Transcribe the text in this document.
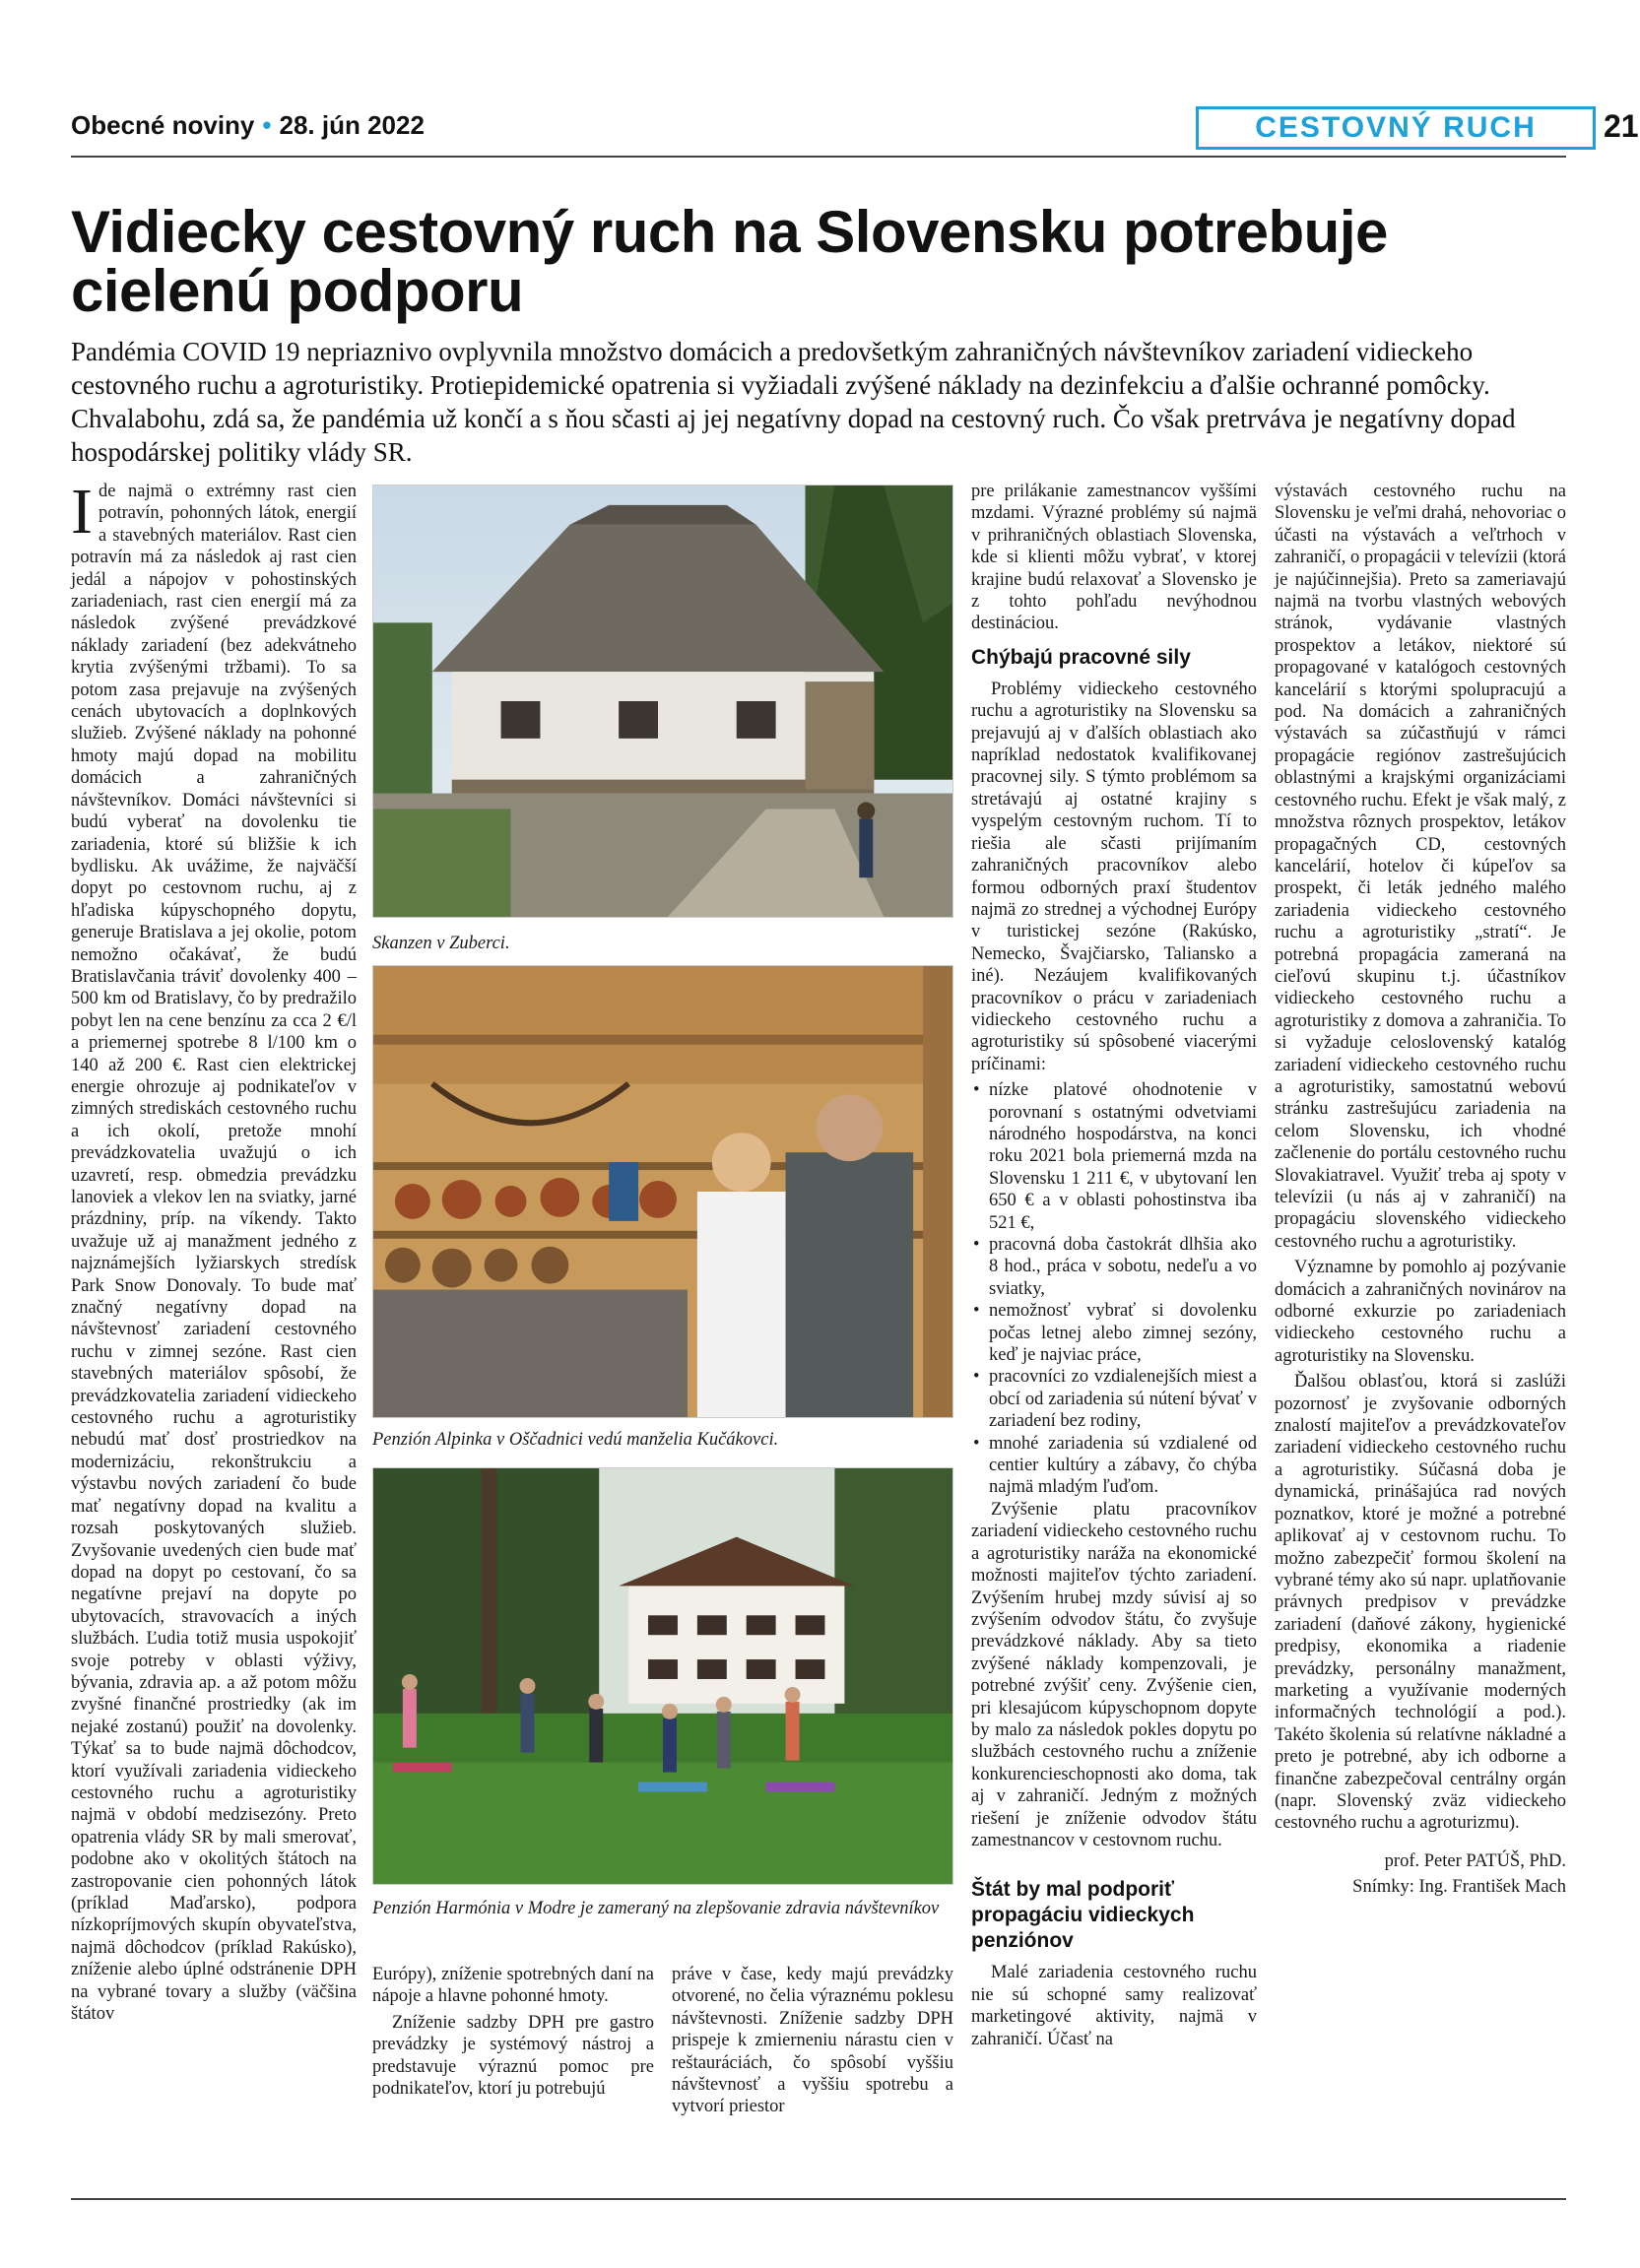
Obecné noviny • 28. jún 2022	CESTOVNÝ RUCH	21
Vidiecky cestovný ruch na Slovensku potrebuje cielenú podporu

Pandémia COVID 19 nepriaznivo ovplyvnila množstvo domácich a predovšetkým zahraničných návštevníkov zariadení vidieckeho cestovného ruchu a agroturistiky. Protiepidemické opatrenia si vyžiadali zvýšené náklady na dezinfekciu a ďalšie ochranné pomôcky. Chvalabohu, zdá sa, že pandémia už končí a s ňou sčasti aj jej negatívny dopad na cestovný ruch. Čo však pretrváva je negatívny dopad hospodárskej politiky vlády SR.

Ide najmä o extrémny rast cien potravín, pohonných látok, energií a stavebných materiálov. Rast cien potravín má za následok aj rast cien jedál a nápojov v pohostinských zariadeniach, rast cien energií má za následok zvýšené prevádzkové náklady zariadení (bez adekvátneho krytia zvýšenými tržbami). To sa potom zasa prejavuje na zvýšených cenách ubytovacích a doplnkových služieb. Zvýšené náklady na pohonné hmoty majú dopad na mobilitu domácich a zahraničných návštevníkov. Domáci návštevníci si budú vyberať na dovolenku tie zariadenia, ktoré sú bližšie k ich bydlisku. Ak uvážime, že najväčší dopyt po cestovnom ruchu, aj z hľadiska kúpyschopného dopytu, generuje Bratislava a jej okolie, potom nemožno očakávať, že budú Bratislavčania tráviť dovolenky 400 – 500 km od Bratislavy, čo by predražilo pobyt len na cene benzínu za cca 2 €/l a priemernej spotrebe 8 l/100 km o 140 až 200 €. Rast cien elektrickej energie ohrozuje aj podnikateľov v zimných strediskách cestovného ruchu a ich okolí, pretože mnohí prevádzkovatelia uvažujú o ich uzavretí, resp. obmedzia prevádzku lanoviek a vlekov len na sviatky, jarné prázdniny, príp. na víkendy. Takto uvažuje už aj manažment jedného z najznámejších lyžiarskych stredísk Park Snow Donovaly. To bude mať značný negatívny dopad na návštevnosť zariadení cestovného ruchu v zimnej sezóne. Rast cien stavebných materiálov spôsobí, že prevádzkovatelia zariadení vidieckeho cestovného ruchu a agroturistiky nebudú mať dosť prostriedkov na modernizáciu, rekonštrukciu a výstavbu nových zariadení čo bude mať negatívny dopad na kvalitu a rozsah poskytovaných služieb. Zvyšovanie uvedených cien bude mať dopad na dopyt po cestovaní, čo sa negatívne prejaví na dopyte po ubytovacích, stravovacích a iných službách. Ľudia totiž musia uspokojiť svoje potreby v oblasti výživy, bývania, zdravia ap. a až potom môžu zvyšné finančné prostriedky (ak im nejaké zostanú) použiť na dovolenky. Týkať sa to bude najmä dôchodcov, ktorí využívali zariadenia vidieckeho cestovného ruchu a agroturistiky najmä v období medzisezóny. Preto opatrenia vlády SR by mali smerovať, podobne ako v okolitých štátoch na zastropovanie cien pohonných látok (príklad Maďarsko), podpora nízkopríjmových skupín obyvateľstva, najmä dôchodcov (príklad Rakúsko), zníženie alebo úplné odstránenie DPH na vybrané tovary a služby (väčšina štátov

Skanzen v Zuberci.
Penzión Alpinka v Oščadnici vedú manželia Kučákovci.
Penzión Harmónia v Modre je zameraný na zlepšovanie zdravia návštevníkov

Európy), zníženie spotrebných daní na nápoje a hlavne pohonné hmoty.

Zníženie sadzby DPH pre gastro prevádzky je systémový nástroj a predstavuje výraznú pomoc pre podnikateľov, ktorí ju potrebujú

práve v čase, kedy majú prevádzky otvorené, no čelia výraznému poklesu návštevnosti. Zníženie sadzby DPH prispeje k zmierneniu nárastu cien v reštauráciách, čo spôsobí vyššiu návštevnosť a vyššiu spotrebu a vytvorí priestor

pre prilákanie zamestnancov vyššími mzdami. Výrazné problémy sú najmä v prihraničných oblastiach Slovenska, kde si klienti môžu vybrať, v ktorej krajine budú relaxovať a Slovensko je z tohto pohľadu nevýhodnou destináciou.

Chýbajú pracovné sily

Problémy vidieckeho cestovného ruchu a agroturistiky na Slovensku sa prejavujú aj v ďalších oblastiach ako napríklad nedostatok kvalifikovanej pracovnej sily. S týmto problémom sa stretávajú aj ostatné krajiny s vyspelým cestovným ruchom. Tí to riešia ale sčasti prijímaním zahraničných pracovníkov alebo formou odborných praxí študentov najmä zo strednej a východnej Európy v turistickej sezóne (Rakúsko, Nemecko, Švajčiarsko, Taliansko a iné). Nezáujem kvalifikovaných pracovníkov o prácu v zariadeniach vidieckeho cestovného ruchu a agroturistiky sú spôsobené viacerými príčinami:

• nízke platové ohodnotenie v porovnaní s ostatnými odvetviami národného hospodárstva, na konci roku 2021 bola priemerná mzda na Slovensku 1 211 €, v ubytovaní len 650 € a v oblasti pohostinstva iba 521 €,
• pracovná doba častokrát dlhšia ako 8 hod., práca v sobotu, nedeľu a vo sviatky,
• nemožnosť vybrať si dovolenku počas letnej alebo zimnej sezóny, keď je najviac práce,
• pracovníci zo vzdialenejších miest a obcí od zariadenia sú nútení bývať v zariadení bez rodiny,
• mnohé zariadenia sú vzdialené od centier kultúry a zábavy, čo chýba najmä mladým ľuďom.

Zvýšenie platu pracovníkov zariadení vidieckeho cestovného ruchu a agroturistiky naráža na ekonomické možnosti majiteľov týchto zariadení. Zvýšením hrubej mzdy súvisí aj so zvýšením odvodov štátu, čo zvyšuje prevádzkové náklady. Aby sa tieto zvýšené náklady kompenzovali, je potrebné zvýšiť ceny. Zvýšenie cien, pri klesajúcom kúpyschopnom dopyte by malo za následok pokles dopytu po službách cestovného ruchu a zníženie konkurencieschopnosti ako doma, tak aj v zahraničí. Jedným z možných riešení je zníženie odvodov štátu zamestnancov v cestovnom ruchu.

Štát by mal podporiť propagáciu vidieckych penziónov

Malé zariadenia cestovného ruchu nie sú schopné samy realizovať marketingové aktivity, najmä v zahraničí. Účasť na

výstavách cestovného ruchu na Slovensku je veľmi drahá, nehovoriac o účasti na výstavách a veľtrhoch v zahraničí, o propagácii v televízii (ktorá je najúčinnejšia). Preto sa zameriavajú najmä na tvorbu vlastných webových stránok, vydávanie vlastných prospektov a letákov, niektoré sú propagované v katalógoch cestovných kancelárií s ktorými spolupracujú a pod. Na domácich a zahraničných výstavách sa zúčastňujú v rámci propagácie regiónov zastrešujúcich oblastnými a krajskými organizáciami cestovného ruchu. Efekt je však malý, z množstva rôznych prospektov, letákov propagačných CD, cestovných kancelárií, hotelov či kúpeľov sa prospekt, či leták jedného malého zariadenia vidieckeho cestovného ruchu a agroturistiky „stratí“. Je potrebná propagácia zameraná na cieľovú skupinu t.j. účastníkov vidieckeho cestovného ruchu a agroturistiky z domova a zahraničia. To si vyžaduje celoslovenský katalóg zariadení vidieckeho cestovného ruchu a agroturistiky, samostatnú webovú stránku zastrešujúcu zariadenia na celom Slovensku, ich vhodné začlenenie do portálu cestovného ruchu Slovakiatravel. Využiť treba aj spoty v televízii (u nás aj v zahraničí) na propagáciu slovenského vidieckeho cestovného ruchu a agroturistiky.

Významne by pomohlo aj pozývanie domácich a zahraničných novinárov na odborné exkurzie po zariadeniach vidieckeho cestovného ruchu a agroturistiky na Slovensku.

Ďalšou oblasťou, ktorá si zaslúži pozornosť je zvyšovanie odborných znalostí majiteľov a prevádzkovateľov zariadení vidieckeho cestovného ruchu a agroturistiky. Súčasná doba je dynamická, prinášajúca rad nových poznatkov, ktoré je možné a potrebné aplikovať aj v cestovnom ruchu. To možno zabezpečiť formou školení na vybrané témy ako sú napr. uplatňovanie právnych predpisov v prevádzke zariadení (daňové zákony, hygienické predpisy, ekonomika a riadenie prevádzky, personálny manažment, marketing a využívanie moderných informačných technológií a pod.). Takéto školenia sú relatívne nákladné a preto je potrebné, aby ich odborne a finančne zabezpečoval centrálny orgán (napr. Slovenský zväz vidieckeho cestovného ruchu a agroturizmu).

prof. Peter PATÚŠ, PhD.
Snímky: Ing. František Mach
